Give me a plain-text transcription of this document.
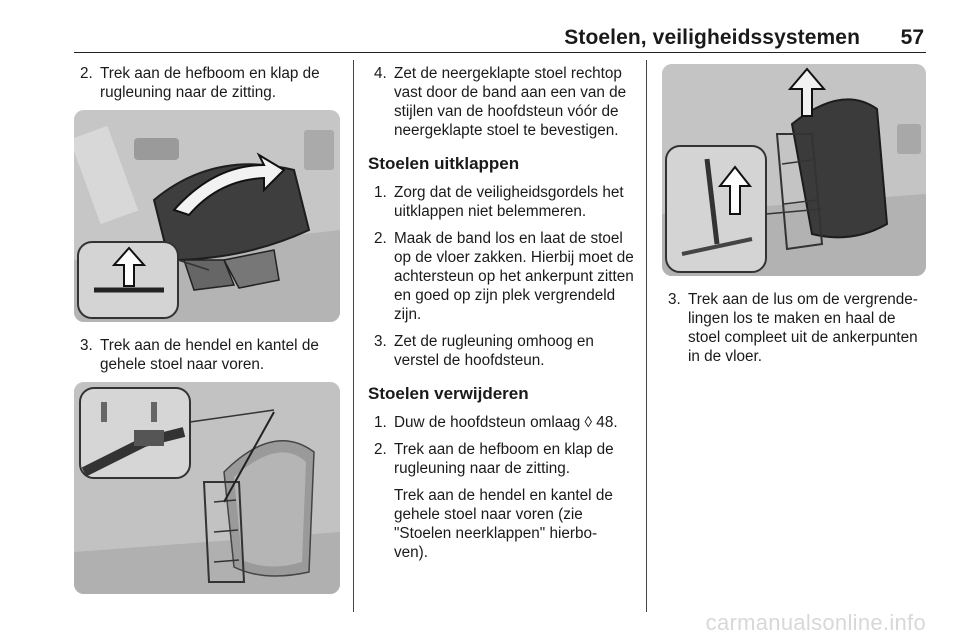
Stoelen, veiligheidssystemen 57
2. Trek aan de hefboom en klap de rugleuning naar de zitting.
3. Trek aan de hendel en kantel de gehele stoel naar voren.
4. Zet de neergeklapte stoel rechtop vast door de band aan een van de stijlen van de hoofdsteun vóór de neergeklapte stoel te bevestigen.
Stoelen uitklappen
1. Zorg dat de veiligheidsgordels het uitklappen niet belemmeren.
2. Maak de band los en laat de stoel op de vloer zakken. Hierbij moet de achtersteun op het ankerpunt zitten en goed op zijn plek vergrendeld zijn.
3. Zet de rugleuning omhoog en verstel de hoofdsteun.
Stoelen verwijderen
1. Duw de hoofdsteun omlaag ◊ 48.
2. Trek aan de hefboom en klap de rugleuning naar de zitting.
Trek aan de hendel en kantel de gehele stoel naar voren (zie "Stoelen neerklappen" hierbo- ven).
3. Trek aan de lus om de vergrende- lingen los te maken en haal de stoel compleet uit de ankerpunten in de vloer.
carmanualsonline.info
